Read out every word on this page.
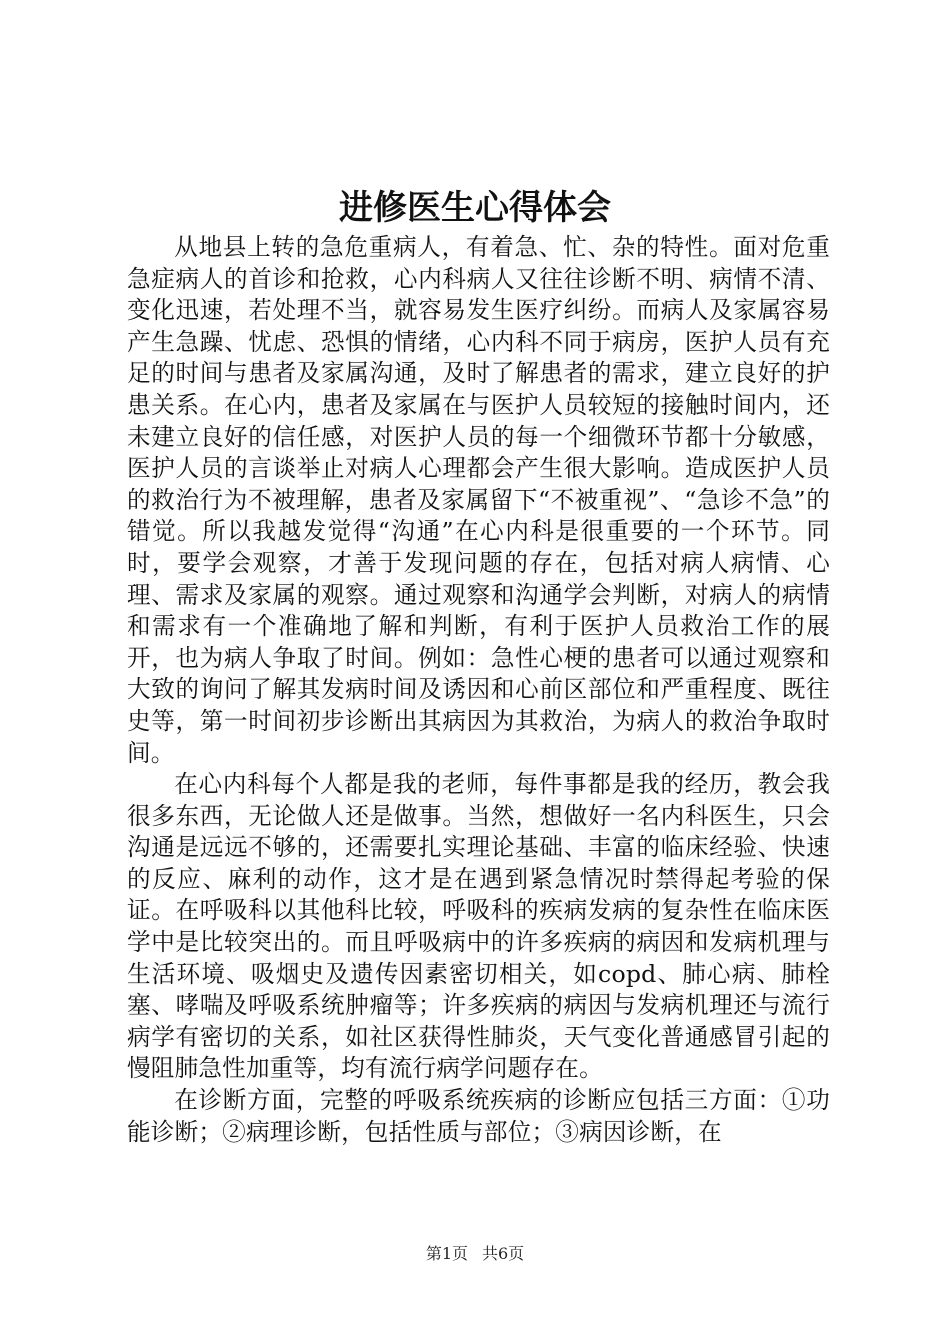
进修医生心得体会

从地县上转的急危重病人，有着急、忙、杂的特性。面对危重急症病人的首诊和抢救，心内科病人又往往诊断不明、病情不清、变化迅速，若处理不当，就容易发生医疗纠纷。而病人及家属容易产生急躁、忧虑、恐惧的情绪，心内科不同于病房，医护人员有充足的时间与患者及家属沟通，及时了解患者的需求，建立良好的护患关系。在心内，患者及家属在与医护人员较短的接触时间内，还未建立良好的信任感，对医护人员的每一个细微环节都十分敏感，医护人员的言谈举止对病人心理都会产生很大影响。造成医护人员的救治行为不被理解，患者及家属留下“不被重视”、“急诊不急”的错觉。所以我越发觉得“沟通”在心内科是很重要的一个环节。同时，要学会观察，才善于发现问题的存在，包括对病人病情、心理、需求及家属的观察。通过观察和沟通学会判断，对病人的病情和需求有一个准确地了解和判断，有利于医护人员救治工作的展开，也为病人争取了时间。例如：急性心梗的患者可以通过观察和大致的询问了解其发病时间及诱因和心前区部位和严重程度、既往史等，第一时间初步诊断出其病因为其救治，为病人的救治争取时间。

在心内科每个人都是我的老师，每件事都是我的经历，教会我很多东西，无论做人还是做事。当然，想做好一名内科医生，只会沟通是远远不够的，还需要扎实理论基础、丰富的临床经验、快速的反应、麻利的动作，这才是在遇到紧急情况时禁得起考验的保证。在呼吸科以其他科比较，呼吸科的疾病发病的复杂性在临床医学中是比较突出的。而且呼吸病中的许多疾病的病因和发病机理与生活环境、吸烟史及遗传因素密切相关，如copd、肺心病、肺栓塞、哮喘及呼吸系统肿瘤等；许多疾病的病因与发病机理还与流行病学有密切的关系，如社区获得性肺炎，天气变化普通感冒引起的慢阻肺急性加重等，均有流行病学问题存在。

在诊断方面，完整的呼吸系统疾病的诊断应包括三方面：①功能诊断；②病理诊断，包括性质与部位；③病因诊断，在

第1页 共6页
